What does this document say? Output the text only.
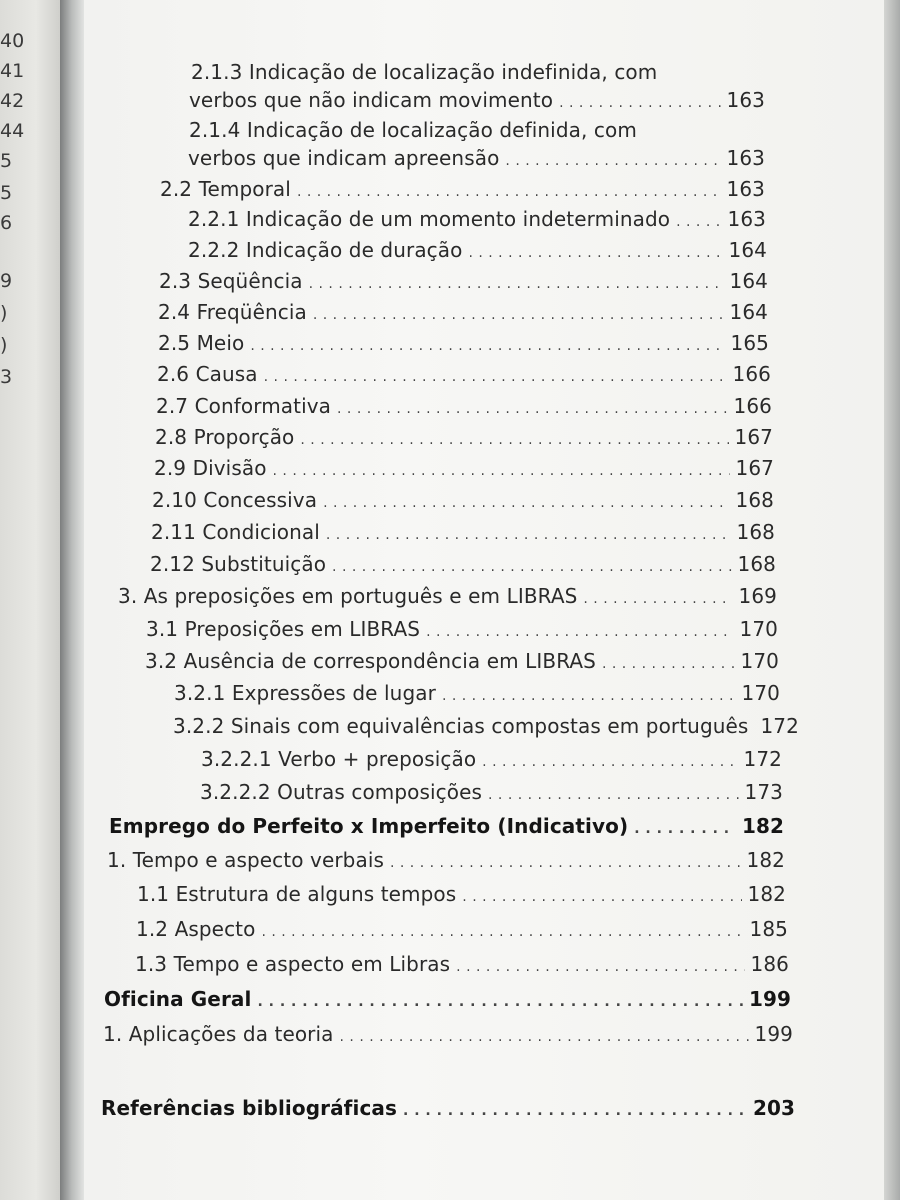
40
41
42
44
5
5
6
9
)
)
3
2.1.3 Indicação de localização indefinida, com
verbos que não indicam movimento . . .	163
2.1.4 Indicação de localização definida, com
verbos que indicam apreensão . . .	163
2.2 Temporal . . .	163
2.2.1 Indicação de um momento indeterminado . . .	163
2.2.2 Indicação de duração . . .	164
2.3 Seqüência . . .	164
2.4 Freqüência . . .	164
2.5 Meio . . .	165
2.6 Causa . . .	166
2.7 Conformativa . . .	166
2.8 Proporção . . .	167
2.9 Divisão . . .	167
2.10 Concessiva . . .	168
2.11 Condicional . . .	168
2.12 Substituição . . .	168
3. As preposições em português e em LIBRAS . . .	169
3.1 Preposições em LIBRAS . . .	170
3.2 Ausência de correspondência em LIBRAS . . .	170
3.2.1 Expressões de lugar . . .	170
3.2.2 Sinais com equivalências compostas em português 172
3.2.2.1 Verbo + preposição . . .	172
3.2.2.2 Outras composições . . .	173
Emprego do Perfeito x Imperfeito (Indicativo) . . .	182
1. Tempo e aspecto verbais . . .	182
1.1 Estrutura de alguns tempos . . .	182
1.2 Aspecto . . .	185
1.3 Tempo e aspecto em Libras . . .	186
Oficina Geral . . .	199
1. Aplicações da teoria . . .	199
Referências bibliográficas . . .	203
